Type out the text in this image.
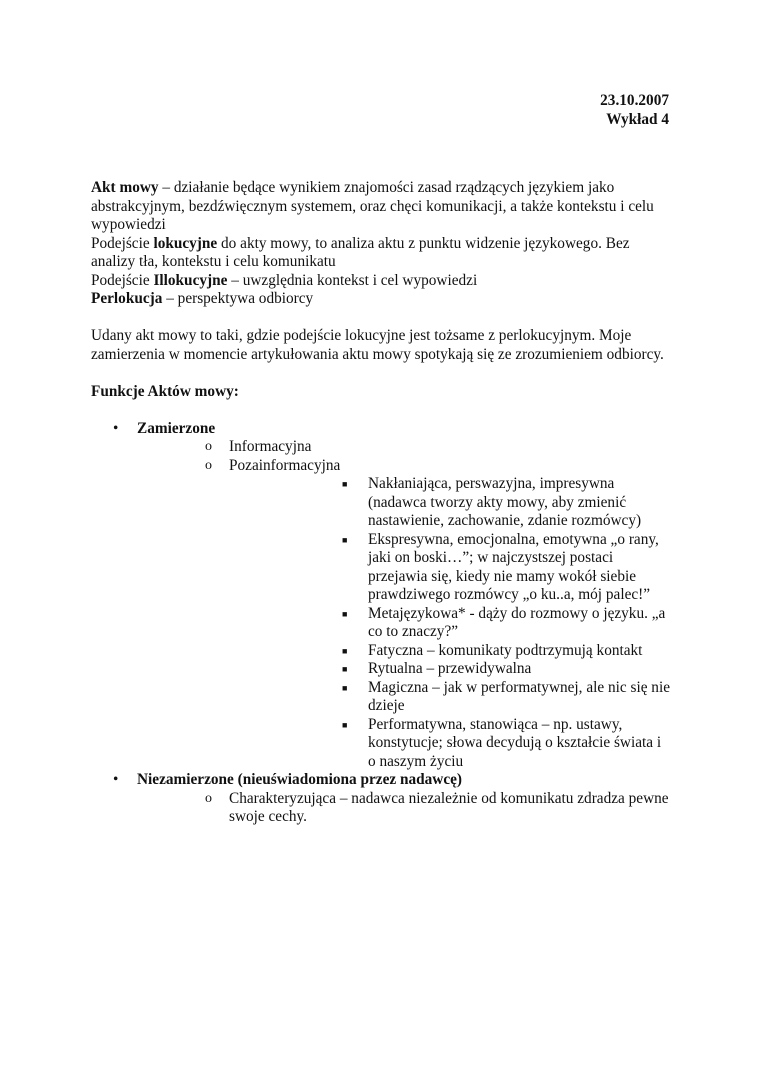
23.10.2007
Wykład 4

Akt mowy – działanie będące wynikiem znajomości zasad rządzących językiem jako abstrakcyjnym, bezdźwięcznym systemem, oraz chęci komunikacji, a także kontekstu i celu wypowiedzi

Podejście lokucyjne do akty mowy, to analiza aktu z punktu widzenie językowego. Bez analizy tła, kontekstu i celu komunikatu

Podejście Illokucyjne – uwzględnia kontekst i cel wypowiedzi

Perlokucja – perspektywa odbiorcy

Udany akt mowy to taki, gdzie podejście lokucyjne jest tożsame z perlokucyjnym. Moje zamierzenia w momencie artykułowania aktu mowy spotykają się ze zrozumieniem odbiorcy.

Funkcje Aktów mowy:

• Zamierzone
o Informacyjna
o Pozainformacyjna
■ Nakłaniająca, perswazyjna, impresywna (nadawca tworzy akty mowy, aby zmienić nastawienie, zachowanie, zdanie rozmówcy)
■ Ekspresywna, emocjonalna, emotywna „o rany, jaki on boski…”; w najczystszej postaci przejawia się, kiedy nie mamy wokół siebie prawdziwego rozmówcy „o ku..a, mój palec!”
■ Metajęzykowa* - dąży do rozmowy o języku. „a co to znaczy?”
■ Fatyczna – komunikaty podtrzymują kontakt
■ Rytualna – przewidywalna
■ Magiczna – jak w performatywnej, ale nic się nie dzieje
■ Performatywna, stanowiąca – np. ustawy, konstytucje; słowa decydują o kształcie świata i o naszym życiu
• Niezamierzone (nieuświadomiona przez nadawcę)
o Charakteryzująca – nadawca niezależnie od komunikatu zdradza pewne swoje cechy.
